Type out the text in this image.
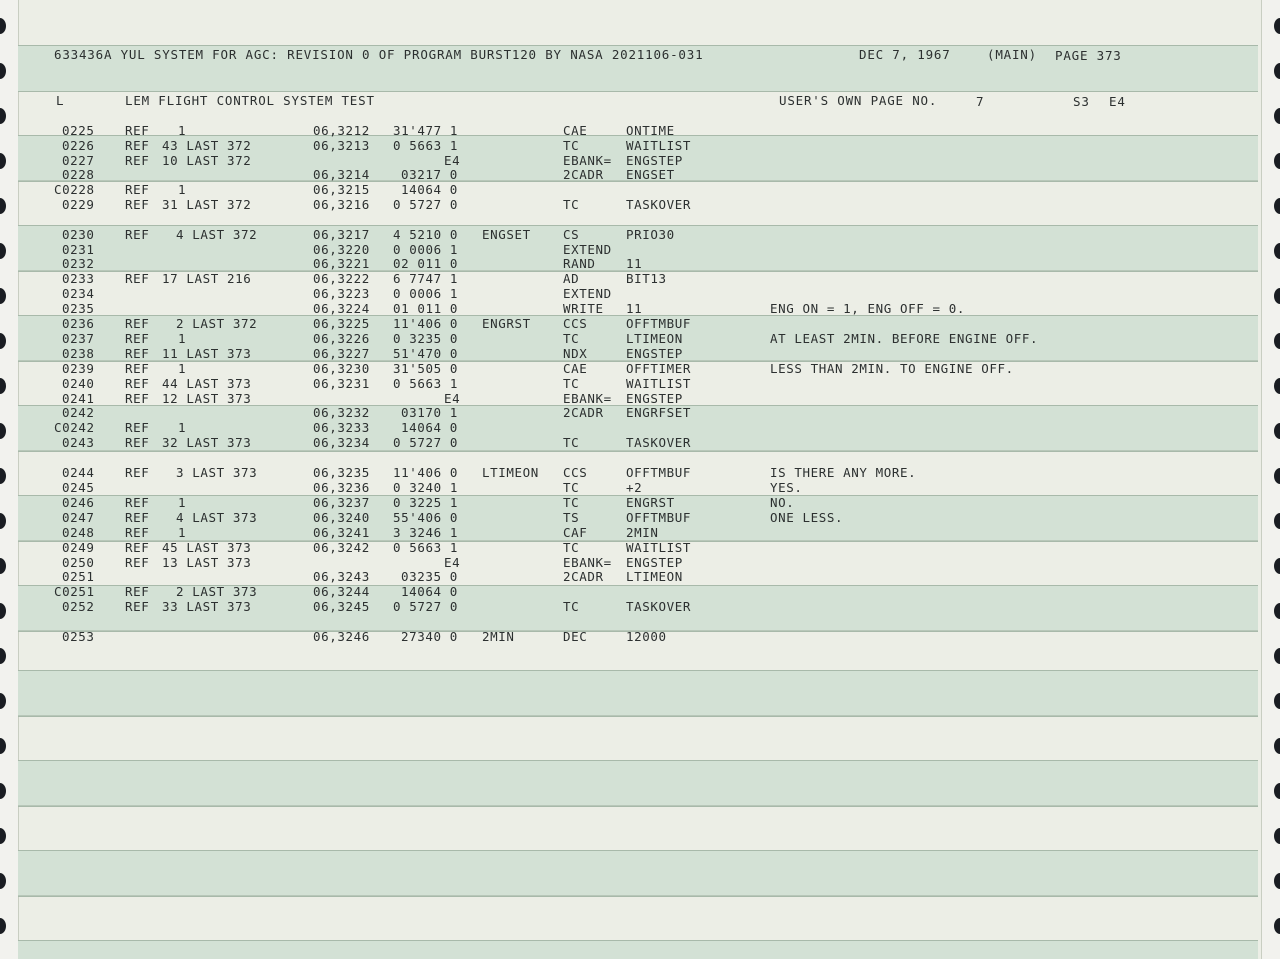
633436A YUL SYSTEM FOR AGC: REVISION 0 OF PROGRAM BURST120 BY NASA 2021106-031	DEC 7, 1967	(MAIN) PAGE 373
L	LEM FLIGHT CONTROL SYSTEM TEST	USER'S OWN PAGE NO.	7	S3 E4
0225 REF 1	06,3212 31'477 1	CAE	ONTIME
0226 REF 43 LAST 372	06,3213 0 5663 1	TC	WAITLIST
0227 REF 10 LAST 372	E4	EBANK= ENGSTEP
0228	06,3214 03217 0	2CADR ENGSET
C0228 REF 1	06,3215 14064 0
0229 REF 31 LAST 372	06,3216 0 5727 0	TC	TASKOVER
0230 REF 4 LAST 372	06,3217 4 5210 0 ENGSET	CS	PRIO30
0231	06,3220 0 0006 1	EXTEND
0232	06,3221 02 011 0	RAND 11
0233 REF 17 LAST 216	06,3222 6 7747 1	AD	BIT13
0234	06,3223 0 0006 1	EXTEND
0235	06,3224 01 011 0	WRITE 11	ENG ON = 1, ENG OFF = 0.
0236 REF 2 LAST 372	06,3225 11'406 0 ENGRST	CCS	OFFTMBUF
0237 REF 1	06,3226 0 3235 0	TC	LTIMEON	AT LEAST 2MIN. BEFORE ENGINE OFF.
0238 REF 11 LAST 373	06,3227 51'470 0	NDX	ENGSTEP
0239 REF 1	06,3230 31'505 0	CAE	OFFTIMER	LESS THAN 2MIN. TO ENGINE OFF.
0240 REF 44 LAST 373	06,3231 0 5663 1	TC	WAITLIST
0241 REF 12 LAST 373	E4	EBANK= ENGSTEP
0242	06,3232 03170 1	2CADR ENGRFSET
C0242 REF 1	06,3233 14064 0
0243 REF 32 LAST 373	06,3234 0 5727 0	TC	TASKOVER
0244 REF 3 LAST 373	06,3235 11'406 0 LTIMEON CCS	OFFTMBUF	IS THERE ANY MORE.
0245	06,3236 0 3240 1	TC	+2	YES.
0246 REF 1	06,3237 0 3225 1	TC	ENGRST	NO.
0247 REF 4 LAST 373	06,3240 55'406 0	TS	OFFTMBUF	ONE LESS.
0248 REF 1	06,3241 3 3246 1	CAF	2MIN
0249 REF 45 LAST 373	06,3242 0 5663 1	TC	WAITLIST
0250 REF 13 LAST 373	E4	EBANK= ENGSTEP
0251	06,3243 03235 0	2CADR LTIMEON
C0251 REF 2 LAST 373	06,3244 14064 0
0252 REF 33 LAST 373	06,3245 0 5727 0	TC	TASKOVER
0253	06,3246 27340 0 2MIN	DEC	12000
